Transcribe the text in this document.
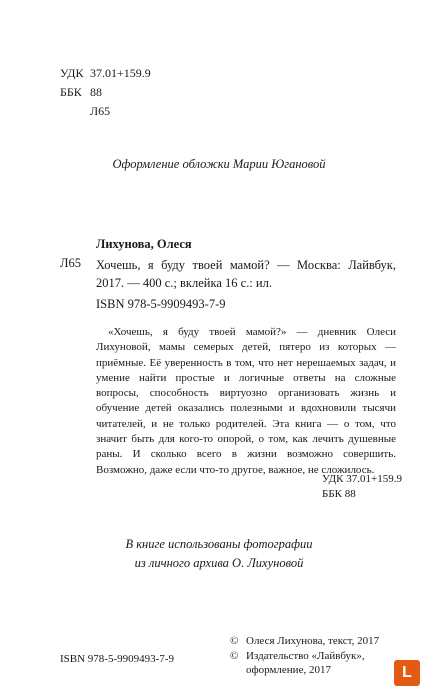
УДК 37.01+159.9
ББК 88
Л65
Оформление обложки Марии Югановой
Лихунова, Олеся
Л65 Хочешь, я буду твоей мамой? — Москва: Лайвбук, 2017. — 400 с.; вклейка 16 с.: ил.
ISBN 978-5-9909493-7-9
«Хочешь, я буду твоей мамой?» — дневник Олеси Лихуновой, мамы семерых детей, пятеро из которых — приёмные. Её уверенность в том, что нет нерешаемых задач, и умение найти простые и логичные ответы на сложные вопросы, способность виртуозно организовать жизнь и обучение детей оказались полезными и вдохновили тысячи читателей, и не только родителей. Эта книга — о том, что значит быть для кого-то опорой, о том, как лечить душевные раны. И сколько всего в жизни возможно совершить. Возможно, даже если что-то другое, важное, не сложилось.
УДК 37.01+159.9
ББК 88
В книге использованы фотографии
из личного архива О. Лихуновой
ISBN 978-5-9909493-7-9
© Олеся Лихунова, текст, 2017
© Издательство «Лайвбук»,
оформление, 2017	L
